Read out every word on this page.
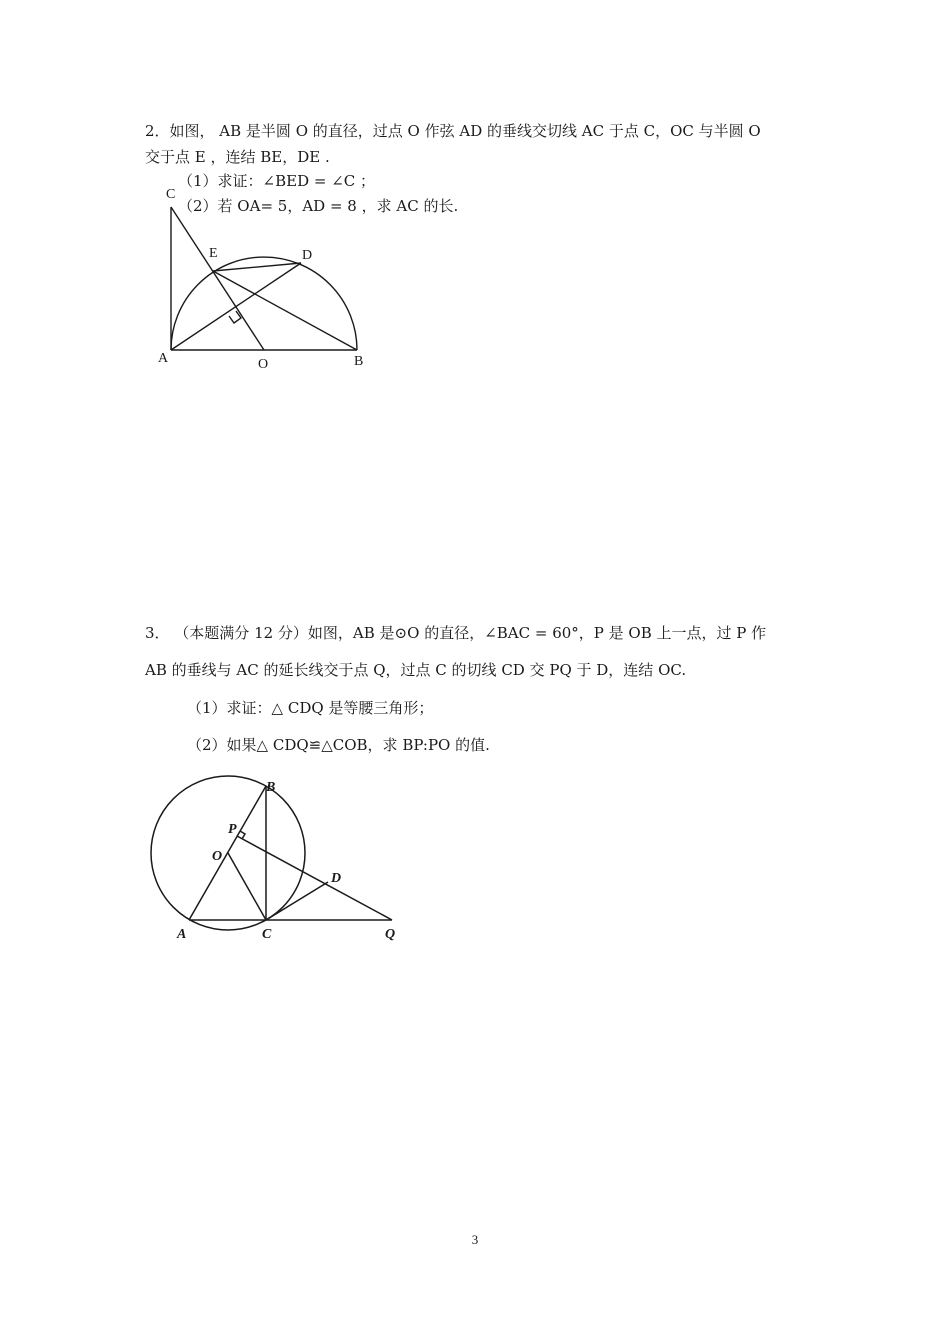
2．如图， AB 是半圆 O 的直径，过点 O 作弦 AD 的垂线交切线 AC 于点 C，OC 与半圆 O
交于点 E ，连结 BE，DE .
（1）求证：∠BED = ∠C ；
（2）若 OA= 5，AD = 8 ，求 AC 的长.
C
E	D
A	O	B
3． （本题满分 12 分）如图，AB 是⊙O 的直径，∠BAC = 60°，P 是 OB 上一点，过 P 作
AB 的垂线与 AC 的延长线交于点 Q，过点 C 的切线 CD 交 PQ 于 D，连结 OC.
（1）求证：△ CDQ 是等腰三角形；
（2）如果△ CDQ≌△COB，求 BP:PO 的值.
B
P
O
D
A	C	Q
3
